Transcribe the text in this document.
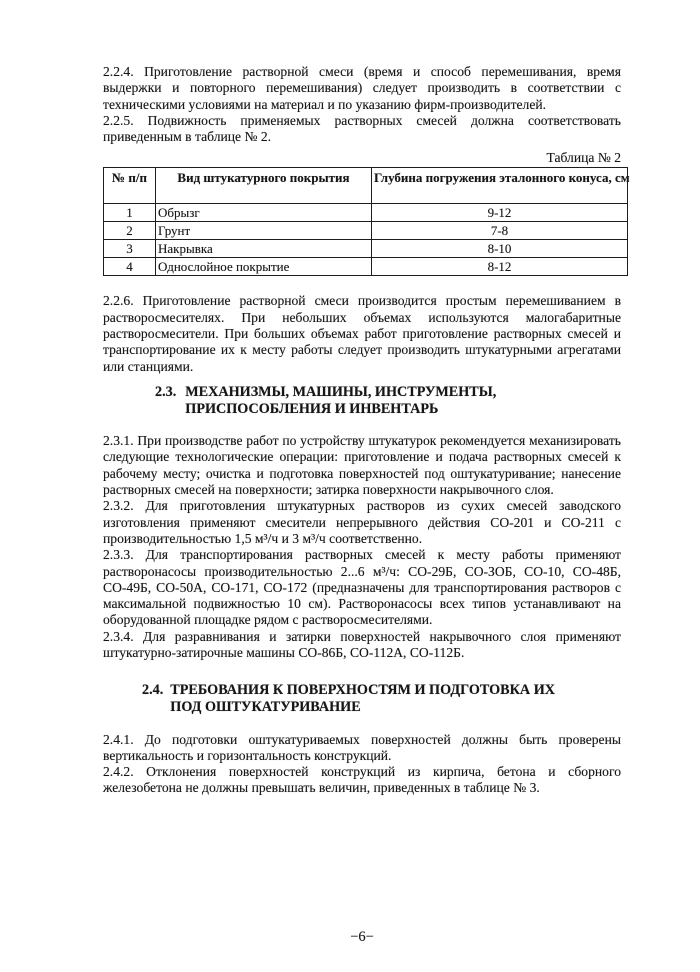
2.2.4. Приготовление растворной смеси (время и способ перемешивания, время выдержки и повторного перемешивания) следует производить в соответствии с техническими условиями на материал и по указанию фирм-производителей.

2.2.5. Подвижность применяемых растворных смесей должна соответствовать приведенным в таблице № 2.

Таблица № 2
№ п/п	Вид штукатурного покрытия	Глубина погружения эталонного конуса, см
1	Обрызг	9-12
2	Грунт	7-8
3	Накрывка	8-10
4	Однослойное покрытие	8-12

2.2.6. Приготовление растворной смеси производится простым перемешиванием в растворосмесителях. При небольших объемах используются малогабаритные растворосмесители. При больших объемах работ приготовление растворных смесей и транспортирование их к месту работы следует производить штукатурными агрегатами или станциями.

2.3. МЕХАНИЗМЫ, МАШИНЫ, ИНСТРУМЕНТЫ, ПРИСПОСОБЛЕНИЯ И ИНВЕНТАРЬ

2.3.1. При производстве работ по устройству штукатурок рекомендуется механизировать следующие технологические операции: приготовление и подача растворных смесей к рабочему месту; очистка и подготовка поверхностей под оштукатуривание; нанесение растворных смесей на поверхности; затирка поверхности накрывочного слоя.

2.3.2. Для приготовления штукатурных растворов из сухих смесей заводского изготовления применяют смесители непрерывного действия СО-201 и СО-211 с производительностью 1,5 м³/ч и 3 м³/ч соответственно.

2.3.3. Для транспортирования растворных смесей к месту работы применяют растворонасосы производительностью 2...6 м³/ч: СО-29Б, СО-ЗОБ, СО-10, СО-48Б, СО-49Б, СО-50А, СО-171, СО-172 (предназначены для транспортирования растворов с максимальной подвижностью 10 см). Растворонасосы всех типов устанавливают на оборудованной площадке рядом с растворосмесителями.

2.3.4. Для разравнивания и затирки поверхностей накрывочного слоя применяют штукатурно-затирочные машины СО-86Б, СО-112А, СО-112Б.

2.4. ТРЕБОВАНИЯ К ПОВЕРХНОСТЯМ И ПОДГОТОВКА ИХ ПОД ОШТУКАТУРИВАНИЕ

2.4.1. До подготовки оштукатуриваемых поверхностей должны быть проверены вертикальность и горизонтальность конструкций.

2.4.2. Отклонения поверхностей конструкций из кирпича, бетона и сборного железобетона не должны превышать величин, приведенных в таблице № 3.

−6−
